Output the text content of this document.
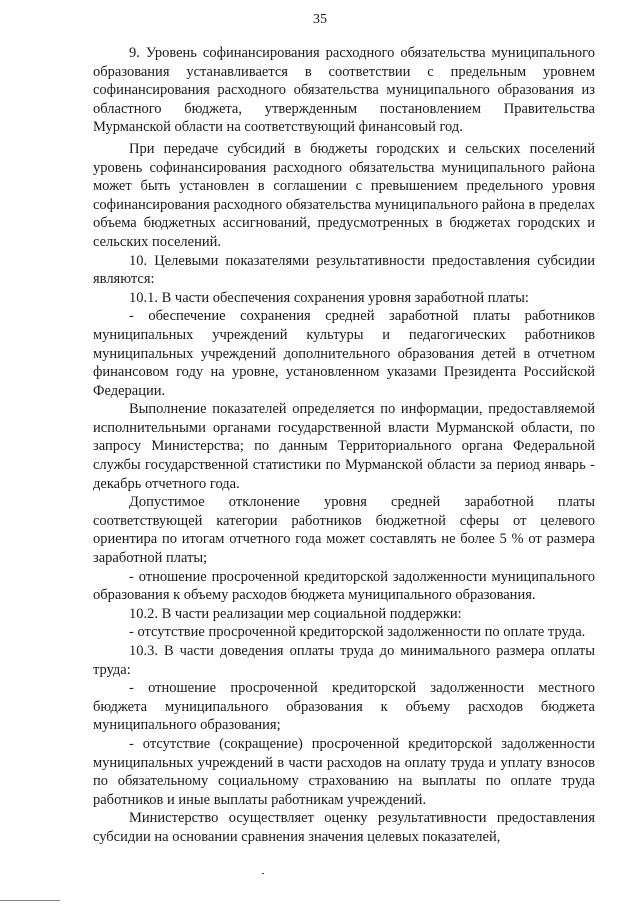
35

9. Уровень софинансирования расходного обязательства муниципального образования устанавливается в соответствии с предельным уровнем софинансирования расходного обязательства муниципального образования из областного бюджета, утвержденным постановлением Правительства Мурманской области на соответствующий финансовый год.

При передаче субсидий в бюджеты городских и сельских поселений уровень софинансирования расходного обязательства муниципального района может быть установлен в соглашении с превышением предельного уровня софинансирования расходного обязательства муниципального района в пределах объема бюджетных ассигнований, предусмотренных в бюджетах городских и сельских поселений.

10. Целевыми показателями результативности предоставления субсидии являются:

10.1. В части обеспечения сохранения уровня заработной платы:

- обеспечение сохранения средней заработной платы работников муниципальных учреждений культуры и педагогических работников муниципальных учреждений дополнительного образования детей в отчетном финансовом году на уровне, установленном указами Президента Российской Федерации.

Выполнение показателей определяется по информации, предоставляемой исполнительными органами государственной власти Мурманской области, по запросу Министерства; по данным Территориального органа Федеральной службы государственной статистики по Мурманской области за период январь - декабрь отчетного года.

Допустимое отклонение уровня средней заработной платы соответствующей категории работников бюджетной сферы от целевого ориентира по итогам отчетного года может составлять не более 5 % от размера заработной платы;

- отношение просроченной кредиторской задолженности муниципального образования к объему расходов бюджета муниципального образования.

10.2. В части реализации мер социальной поддержки:

- отсутствие просроченной кредиторской задолженности по оплате труда.

10.3. В части доведения оплаты труда до минимального размера оплаты труда:

- отношение просроченной кредиторской задолженности местного бюджета муниципального образования к объему расходов бюджета муниципального образования;

- отсутствие (сокращение) просроченной кредиторской задолженности муниципальных учреждений в части расходов на оплату труда и уплату взносов по обязательному социальному страхованию на выплаты по оплате труда работников и иные выплаты работникам учреждений.

Министерство осуществляет оценку результативности предоставления субсидии на основании сравнения значения целевых показателей,
